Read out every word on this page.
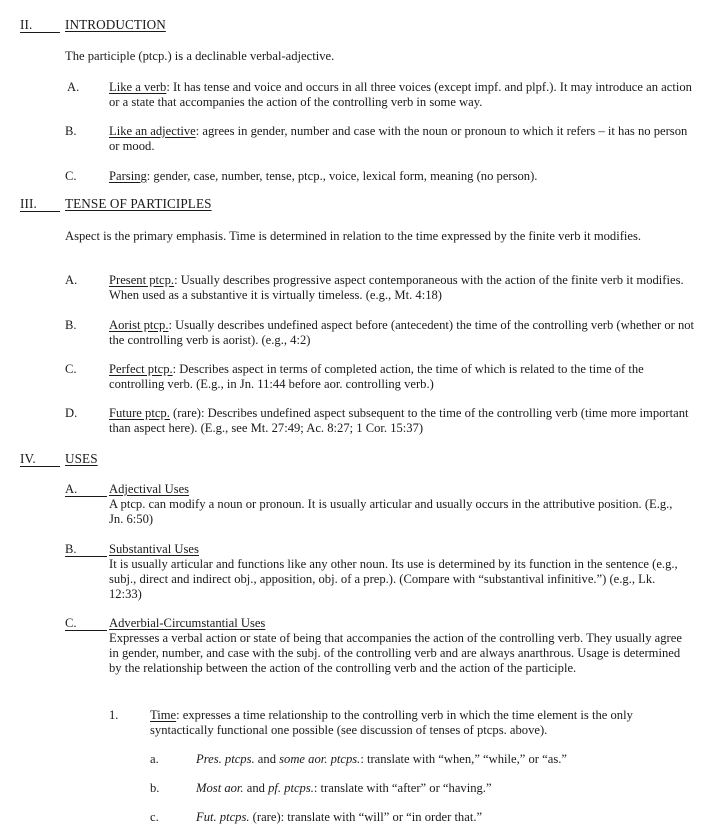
II. INTRODUCTION
The participle (ptcp.) is a declinable verbal-adjective.
A. Like a verb: It has tense and voice and occurs in all three voices (except impf. and plpf.). It may introduce an action or a state that accompanies the action of the controlling verb in some way.
B.	Like an adjective: agrees in gender, number and case with the noun or pronoun to which it refers – it has no person or mood.
C.	Parsing: gender, case, number, tense, ptcp., voice, lexical form, meaning (no person).
III. TENSE OF PARTICIPLES
Aspect is the primary emphasis. Time is determined in relation to the time expressed by the finite verb it modifies.
A.	Present ptcp.: Usually describes progressive aspect contemporaneous with the action of the finite verb it modifies. When used as a substantive it is virtually timeless. (e.g., Mt. 4:18)
B.	Aorist ptcp.: Usually describes undefined aspect before (antecedent) the time of the controlling verb (whether or not the controlling verb is aorist). (e.g., 4:2)
C.	Perfect ptcp.: Describes aspect in terms of completed action, the time of which is related to the time of the controlling verb. (E.g., in Jn. 11:44 before aor. controlling verb.)
D.	Future ptcp. (rare): Describes undefined aspect subsequent to the time of the controlling verb (time more important than aspect here). (E.g., see Mt. 27:49; Ac. 8:27; 1 Cor. 15:37)
IV. USES
A.	Adjectival Uses
A ptcp. can modify a noun or pronoun. It is usually articular and usually occurs in the attributive position. (E.g., Jn. 6:50)
B.	Substantival Uses
It is usually articular and functions like any other noun. Its use is determined by its function in the sentence (e.g., subj., direct and indirect obj., apposition, obj. of a prep.). (Compare with “substantival infinitive.”) (e.g., Lk. 12:33)
C.	Adverbial-Circumstantial Uses
Expresses a verbal action or state of being that accompanies the action of the controlling verb. They usually agree in gender, number, and case with the subj. of the controlling verb and are always anarthrous. Usage is determined by the relationship between the action of the controlling verb and the action of the participle.
1.	Time: expresses a time relationship to the controlling verb in which the time element is the only syntactically functional one possible (see discussion of tenses of ptcps. above).
a.	Pres. ptcps. and some aor. ptcps.: translate with “when,” “while,” or “as.”
b.	Most aor. and pf. ptcps.: translate with “after” or “having.”
c.	Fut. ptcps. (rare): translate with “will” or “in order that.”
